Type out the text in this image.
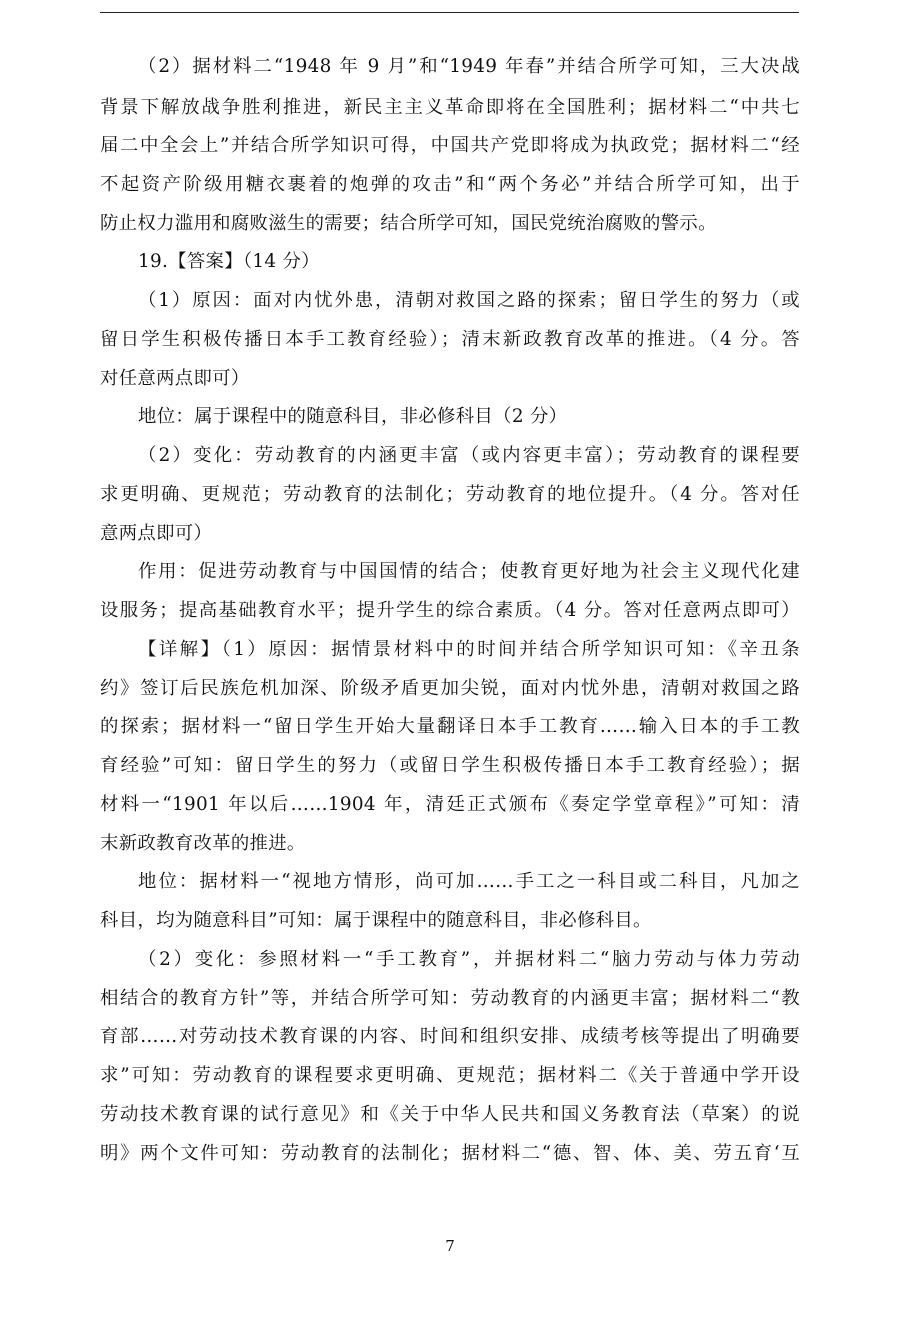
（2）据材料二“1948 年 9 月”和“1949 年春”并结合所学可知，三大决战
背景下解放战争胜利推进，新民主主义革命即将在全国胜利；据材料二“中共七
届二中全会上”并结合所学知识可得，中国共产党即将成为执政党；据材料二“经
不起资产阶级用糖衣裹着的炮弹的攻击”和“两个务必”并结合所学可知，出于
防止权力滥用和腐败滋生的需要；结合所学可知，国民党统治腐败的警示。
19.【答案】（14 分）
（1）原因：面对内忧外患，清朝对救国之路的探索；留日学生的努力（或
留日学生积极传播日本手工教育经验）；清末新政教育改革的推进。（4 分。答
对任意两点即可）
地位：属于课程中的随意科目，非必修科目（2 分）
（2）变化：劳动教育的内涵更丰富（或内容更丰富）；劳动教育的课程要
求更明确、更规范；劳动教育的法制化；劳动教育的地位提升。（4 分。答对任
意两点即可）
作用：促进劳动教育与中国国情的结合；使教育更好地为社会主义现代化建
设服务；提高基础教育水平；提升学生的综合素质。（4 分。答对任意两点即可）
【详解】（1）原因：据情景材料中的时间并结合所学知识可知：《辛丑条
约》签订后民族危机加深、阶级矛盾更加尖锐，面对内忧外患，清朝对救国之路
的探索；据材料一“留日学生开始大量翻译日本手工教育……输入日本的手工教
育经验”可知：留日学生的努力（或留日学生积极传播日本手工教育经验）；据
材料一“1901 年以后……1904 年，清廷正式颁布《奏定学堂章程》”可知：清
末新政教育改革的推进。
地位：据材料一“视地方情形，尚可加……手工之一科目或二科目，凡加之
科目，均为随意科目”可知：属于课程中的随意科目，非必修科目。
（2）变化：参照材料一“手工教育”，并据材料二“脑力劳动与体力劳动
相结合的教育方针”等，并结合所学可知：劳动教育的内涵更丰富；据材料二“教
育部……对劳动技术教育课的内容、时间和组织安排、成绩考核等提出了明确要
求”可知：劳动教育的课程要求更明确、更规范；据材料二《关于普通中学开设
劳动技术教育课的试行意见》和《关于中华人民共和国义务教育法（草案）的说
明》两个文件可知：劳动教育的法制化；据材料二“德、智、体、美、劳五育‘互
7
